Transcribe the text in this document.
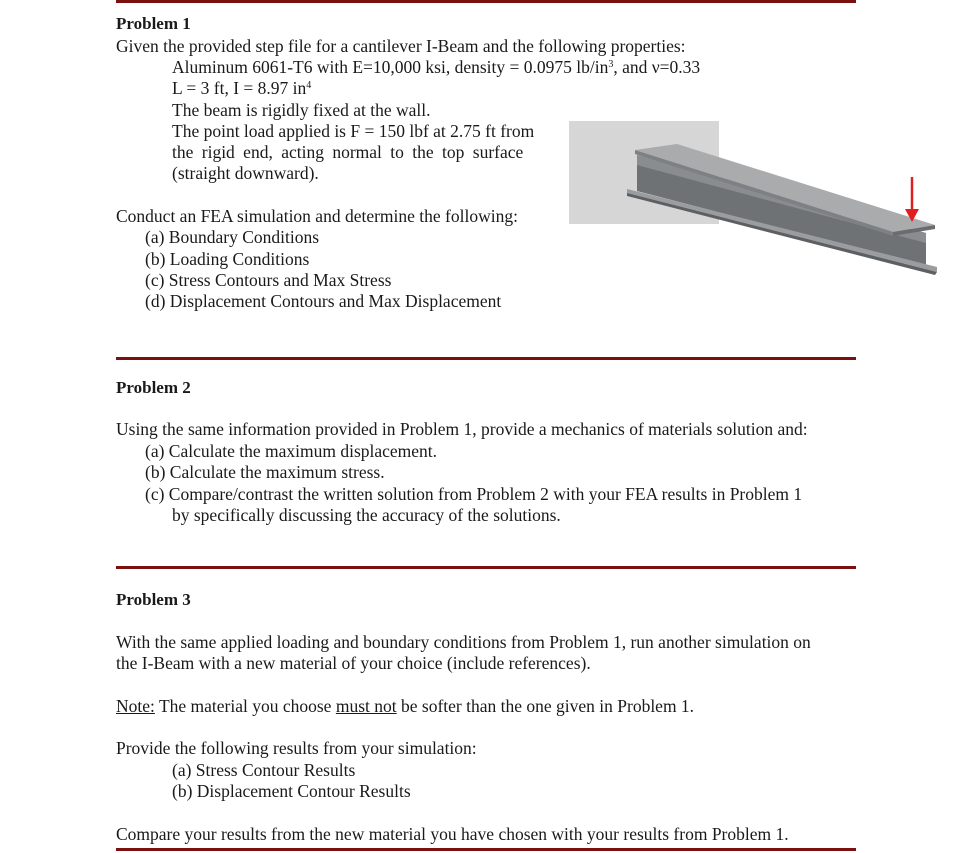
Problem 1
Given the provided step file for a cantilever I-Beam and the following properties:
Aluminum 6061-T6 with E=10,000 ksi, density = 0.0975 $lb/in^3$, and ν=0.33
L = 3 ft, I = 8.97 $in^4$
The beam is rigidly fixed at the wall.
The point load applied is F = 150 lbf at 2.75 ft from
the rigid end, acting normal to the top surface
(straight downward).
Conduct an FEA simulation and determine the following:
(a) Boundary Conditions
(b) Loading Conditions
(c) Stress Contours and Max Stress
(d) Displacement Contours and Max Displacement
Problem 2
Using the same information provided in Problem 1, provide a mechanics of materials solution and:
(a) Calculate the maximum displacement.
(b) Calculate the maximum stress.
(c) Compare/contrast the written solution from Problem 2 with your FEA results in Problem 1
by specifically discussing the accuracy of the solutions.
Problem 3
With the same applied loading and boundary conditions from Problem 1, run another simulation on
the I-Beam with a new material of your choice (include references).
Note: The material you choose must not be softer than the one given in Problem 1.
Provide the following results from your simulation:
(a) Stress Contour Results
(b) Displacement Contour Results
Compare your results from the new material you have chosen with your results from Problem 1.
